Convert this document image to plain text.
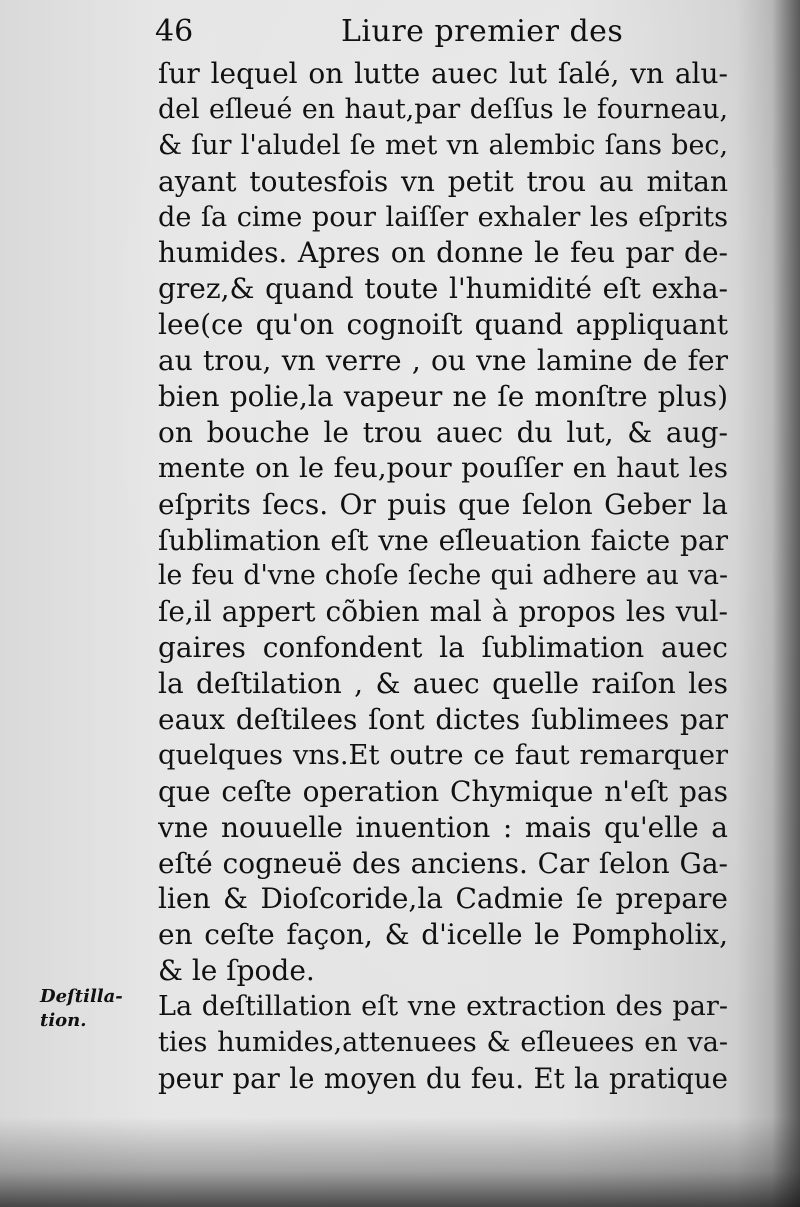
46	Liure premier des
ſur lequel on lutte auec lut ſalé, vn alu-
del eſleué en haut,par deſſus le fourneau,
& ſur l'aludel ſe met vn alembic ſans bec,
ayant toutesfois vn petit trou au mitan
de ſa cime pour laiſſer exhaler les eſprits
humides. Apres on donne le feu par de-
grez,& quand toute l'humidité eſt exha-
lee(ce qu'on cognoiſt quand appliquant
au trou, vn verre , ou vne lamine de fer
bien polie,la vapeur ne ſe monſtre plus)
on bouche le trou auec du lut, & aug-
mente on le feu,pour pouſſer en haut les
eſprits ſecs. Or puis que ſelon Geber la
ſublimation eſt vne eſleuation faicte par
le feu d'vne choſe ſeche qui adhere au va-
ſe,il appert cõbien mal à propos les vul-
gaires confondent la ſublimation auec
la deſtilation , & auec quelle raiſon les
eaux deſtilees ſont dictes ſublimees par
quelques vns.Et outre ce faut remarquer
que ceſte operation Chymique n'eſt pas
vne nouuelle inuention : mais qu'elle a
eſté cogneuë des anciens. Car ſelon Ga-
lien & Dioſcoride,la Cadmie ſe prepare
en ceſte façon, & d'icelle le Pompholix,
& le ſpode.
La deſtillation eſt vne extraction des par-
ties humides,attenuees & eſleuees en va-
peur par le moyen du feu. Et la pratique
Deſtilla-
tion.
